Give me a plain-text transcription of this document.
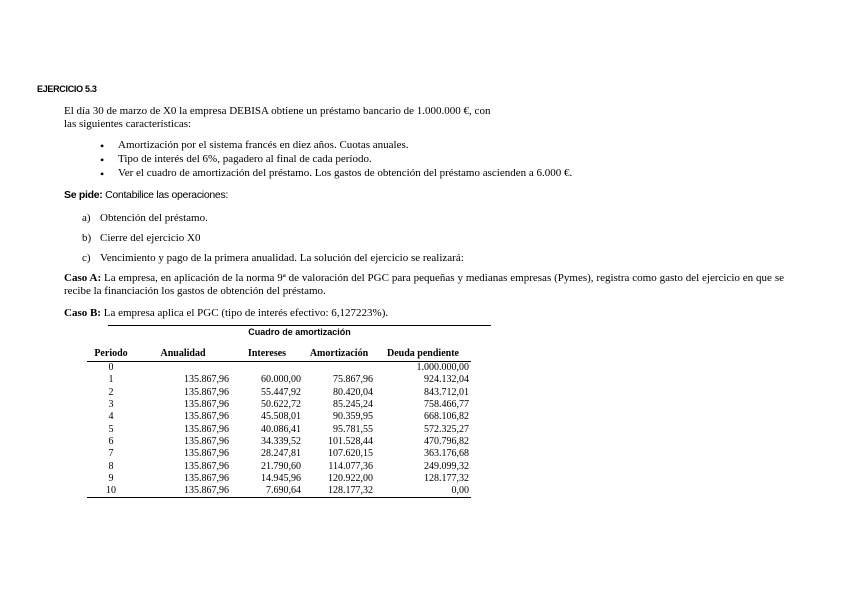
EJERCICIO 5.3
El día 30 de marzo de X0 la empresa DEBISA obtiene un préstamo bancario de 1.000.000 €, con las siguientes características:
• Amortización por el sistema francés en diez años. Cuotas anuales.
• Tipo de interés del 6%, pagadero al final de cada período.
• Ver el cuadro de amortización del préstamo. Los gastos de obtención del préstamo ascienden a 6.000 €.
Se pide: Contabilice las operaciones:
a) Obtención del préstamo.
b) Cierre del ejercicio X0
c) Vencimiento y pago de la primera anualidad. La solución del ejercicio se realizará:
Caso A: La empresa, en aplicación de la norma 9ª de valoración del PGC para pequeñas y medianas empresas (Pymes), registra como gasto del ejercicio en que se recibe la financiación los gastos de obtención del préstamo.
Caso B: La empresa aplica el PGC (tipo de interés efectivo: 6,127223%).
Cuadro de amortización
Periodo	Anualidad	Intereses	Amortización	Deuda pendiente
0				1.000.000,00
1	135.867,96	60.000,00	75.867,96	924.132,04
2	135.867,96	55.447,92	80.420,04	843.712,01
3	135.867,96	50.622,72	85.245,24	758.466,77
4	135.867,96	45.508,01	90.359,95	668.106,82
5	135.867,96	40.086,41	95.781,55	572.325,27
6	135.867,96	34.339,52	101.528,44	470.796,82
7	135.867,96	28.247,81	107.620,15	363.176,68
8	135.867,96	21.790,60	114.077,36	249.099,32
9	135.867,96	14.945,96	120.922,00	128.177,32
10	135.867,96	7.690,64	128.177,32	0,00
